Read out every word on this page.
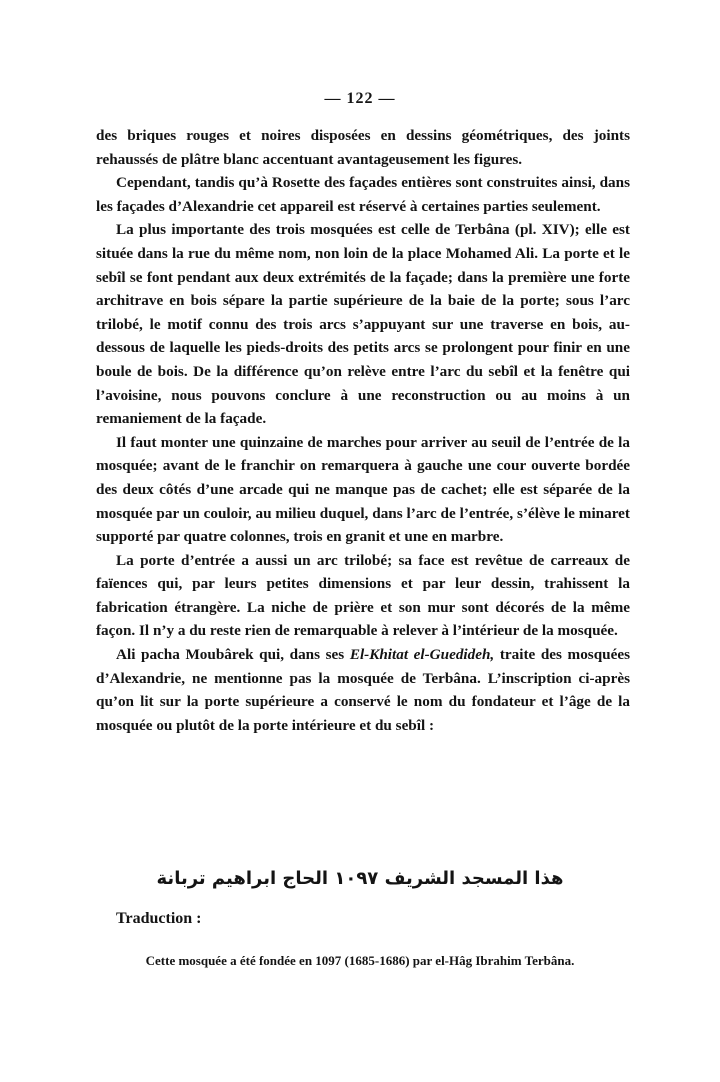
— 122 —

des briques rouges et noires disposées en dessins géométriques, des joints rehaussés de plâtre blanc accentuant avantageusement les figures.

Cependant, tandis qu’à Rosette des façades entières sont construites ainsi, dans les façades d’Alexandrie cet appareil est réservé à certaines parties seulement.

La plus importante des trois mosquées est celle de Terbâna (pl. XIV); elle est située dans la rue du même nom, non loin de la place Mohamed Ali. La porte et le sebîl se font pendant aux deux extrémités de la façade; dans la première une forte architrave en bois sépare la partie supérieure de la baie de la porte; sous l’arc trilobé, le motif connu des trois arcs s’appuyant sur une traverse en bois, au-dessous de laquelle les pieds-droits des petits arcs se prolongent pour finir en une boule de bois. De la différence qu’on relève entre l’arc du sebîl et la fenêtre qui l’avoisine, nous pouvons conclure à une reconstruction ou au moins à un remaniement de la façade.

Il faut monter une quinzaine de marches pour arriver au seuil de l’entrée de la mosquée; avant de le franchir on remarquera à gauche une cour ouverte bordée des deux côtés d’une arcade qui ne manque pas de cachet; elle est séparée de la mosquée par un couloir, au milieu duquel, dans l’arc de l’entrée, s’élève le minaret supporté par quatre colonnes, trois en granit et une en marbre.

La porte d’entrée a aussi un arc trilobé; sa face est revêtue de carreaux de faïences qui, par leurs petites dimensions et par leur dessin, trahissent la fabrication étrangère. La niche de prière et son mur sont décorés de la même façon. Il n’y a du reste rien de remarquable à relever à l’intérieur de la mosquée.

Ali pacha Moubârek qui, dans ses El-Khitat el-Guedideh, traite des mosquées d’Alexandrie, ne mentionne pas la mosquée de Terbâna. L’inscription ci-après qu’on lit sur la porte supérieure a conservé le nom du fondateur et l’âge de la mosquée ou plutôt de la porte intérieure et du sebîl :

هذا المسجد الشريف ١٠٩٧ الحاج ابراهيم تربانة
Traduction :
Cette mosquée a été fondée en 1097 (1685-1686) par el-Hâg Ibrahim Terbâna.
